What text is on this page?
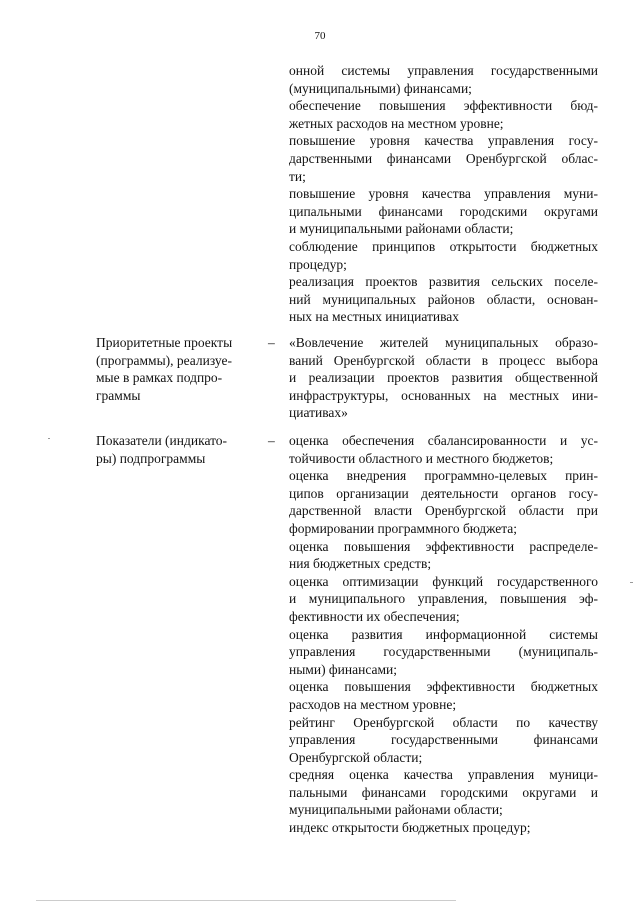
70
онной системы управления государственными
(муниципальными) финансами;
обеспечение повышения эффективности бюд-
жетных расходов на местном уровне;
повышение уровня качества управления госу-
дарственными финансами Оренбургской облас-
ти;
повышение уровня качества управления муни-
ципальными финансами городскими округами
и муниципальными районами области;
соблюдение принципов открытости бюджетных
процедур;
реализация проектов развития сельских поселе-
ний муниципальных районов области, основан-
ных на местных инициативах
Приоритетные проекты
(программы), реализуе-
мые в рамках подпро-
граммы
– «Вовлечение жителей муниципальных образо-
ваний Оренбургской области в процесс выбора
и реализации проектов развития общественной
инфраструктуры, основанных на местных ини-
циативах»
Показатели (индикато-
ры) подпрограммы
– оценка обеспечения сбалансированности и ус-
тойчивости областного и местного бюджетов;
оценка внедрения программно-целевых прин-
ципов организации деятельности органов госу-
дарственной власти Оренбургской области при
формировании программного бюджета;
оценка повышения эффективности распределе-
ния бюджетных средств;
оценка оптимизации функций государственного
и муниципального управления, повышения эф-
фективности их обеспечения;
оценка развития информационной системы
управления государственными (муниципаль-
ными) финансами;
оценка повышения эффективности бюджетных
расходов на местном уровне;
рейтинг Оренбургской области по качеству
управления государственными финансами
Оренбургской области;
средняя оценка качества управления муници-
пальными финансами городскими округами и
муниципальными районами области;
индекс открытости бюджетных процедур;
